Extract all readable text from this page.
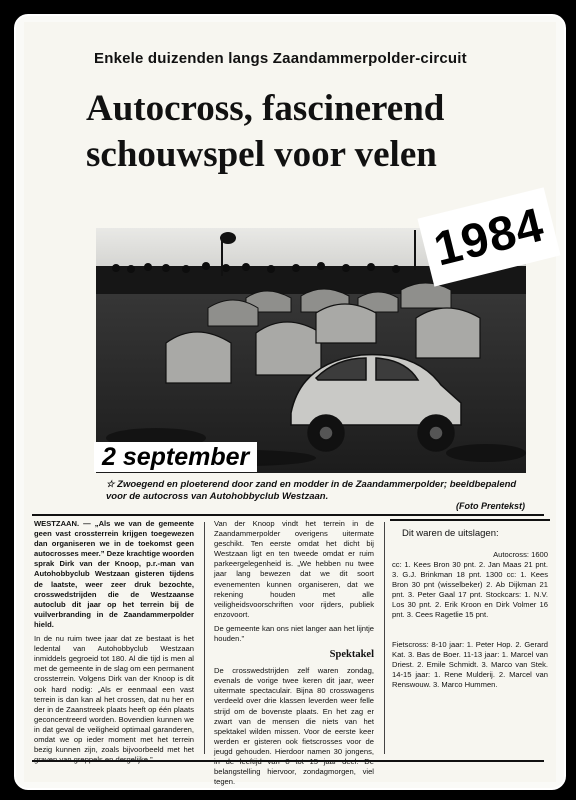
Enkele duizenden langs Zaandammerpolder-circuit
Autocross, fascinerend
schouwspel voor velen
1984
2 september
☆ Zwoegend en ploeterend door zand en modder in de Zaandammerpolder; beeldbepalend voor de autocross van Autohobbyclub Westzaan.
(Foto Prentekst)

WESTZAAN. — „Als we van de gemeente geen vast crossterrein krijgen toegewezen dan organiseren we in de toekomst geen autocrosses meer.” Deze krachtige woorden sprak Dirk van der Knoop, p.r.-man van Autohobbyclub Westzaan gisteren tijdens de laatste, weer zeer druk bezochte, crosswedstrijden die de Westzaanse autoclub dit jaar op het terrein bij de vuilverbranding in de Zaandammerpolder hield.

In de nu ruim twee jaar dat ze bestaat is het ledental van Autohobbyclub Westzaan inmiddels gegroeid tot 180. Al die tijd is men al met de gemeente in de slag om een permanent crossterrein. Volgens Dirk van der Knoop is dit ook hard nodig: „Als er eenmaal een vast terrein is dan kan al het crossen, dat nu her en der in de Zaanstreek plaats heeft op één plaats geconcentreerd worden. Bovendien kunnen we in dat geval de veiligheid optimaal garanderen, omdat we op ieder moment met het terrein bezig kunnen zijn, zoals bijvoorbeeld met het

Van der Knoop vindt het terrein in de Zaandammerpolder overigens uitermate geschikt. Ten eerste omdat het dicht bij Westzaan ligt en ten tweede omdat er ruim parkeergelegenheid is. „We hebben nu twee jaar lang bewezen dat we dit soort evenementen kunnen organiseren, dat we rekening houden met alle veiligheidsvoorschriften voor rijders, publiek enzovoort.

De gemeente kan ons niet langer aan het lijntje houden.”

Spektakel

De crosswedstrijden zelf waren zondag, evenals de vorige twee keren dit jaar, weer uitermate spectaculair. Bijna 80 crosswagens verdeeld over drie klassen leverden weer felle strijd om de bovenste plaats. En het zag er zwart van de mensen die niets van het spektakel wilden missen. Voor de eerste keer werden er gisteren ook fietscrosses voor de jeugd gehouden. Hierdoor namen 30 jongens, belangstelling hiervoor, zondagmorgen, viel tegen.

Dit waren de uitslagen:
Autocross: 1600
cc: 1. Kees Bron 30 pnt. 2. Jan Maas 21 pnt. 3. G.J. Brinkman 18 pnt. 1300 cc: 1. Kees Bron 30 pnt (wisselbeker) 2. Ab Dijkman 21 pnt. 3. Peter Gaal 17 pnt. Stockcars: 1. N.V. Los 30 pnt. 2. Erik Kroon en Dirk Volmer 16 pnt. 3. Cees Ragetlie 15 pnt.
Fietscross: 8-10 jaar: 1. Peter Hop. 2. Gerard Kat. 3. Bas de Boer. 11-13 jaar: 1. Marcel van Driest. 2. Emile Schmidt. 3. Marco van Stek. 14-15 jaar: 1. Rene Mulderij. 2. Marcel van Renswouw. 3. Marco Hummen.
